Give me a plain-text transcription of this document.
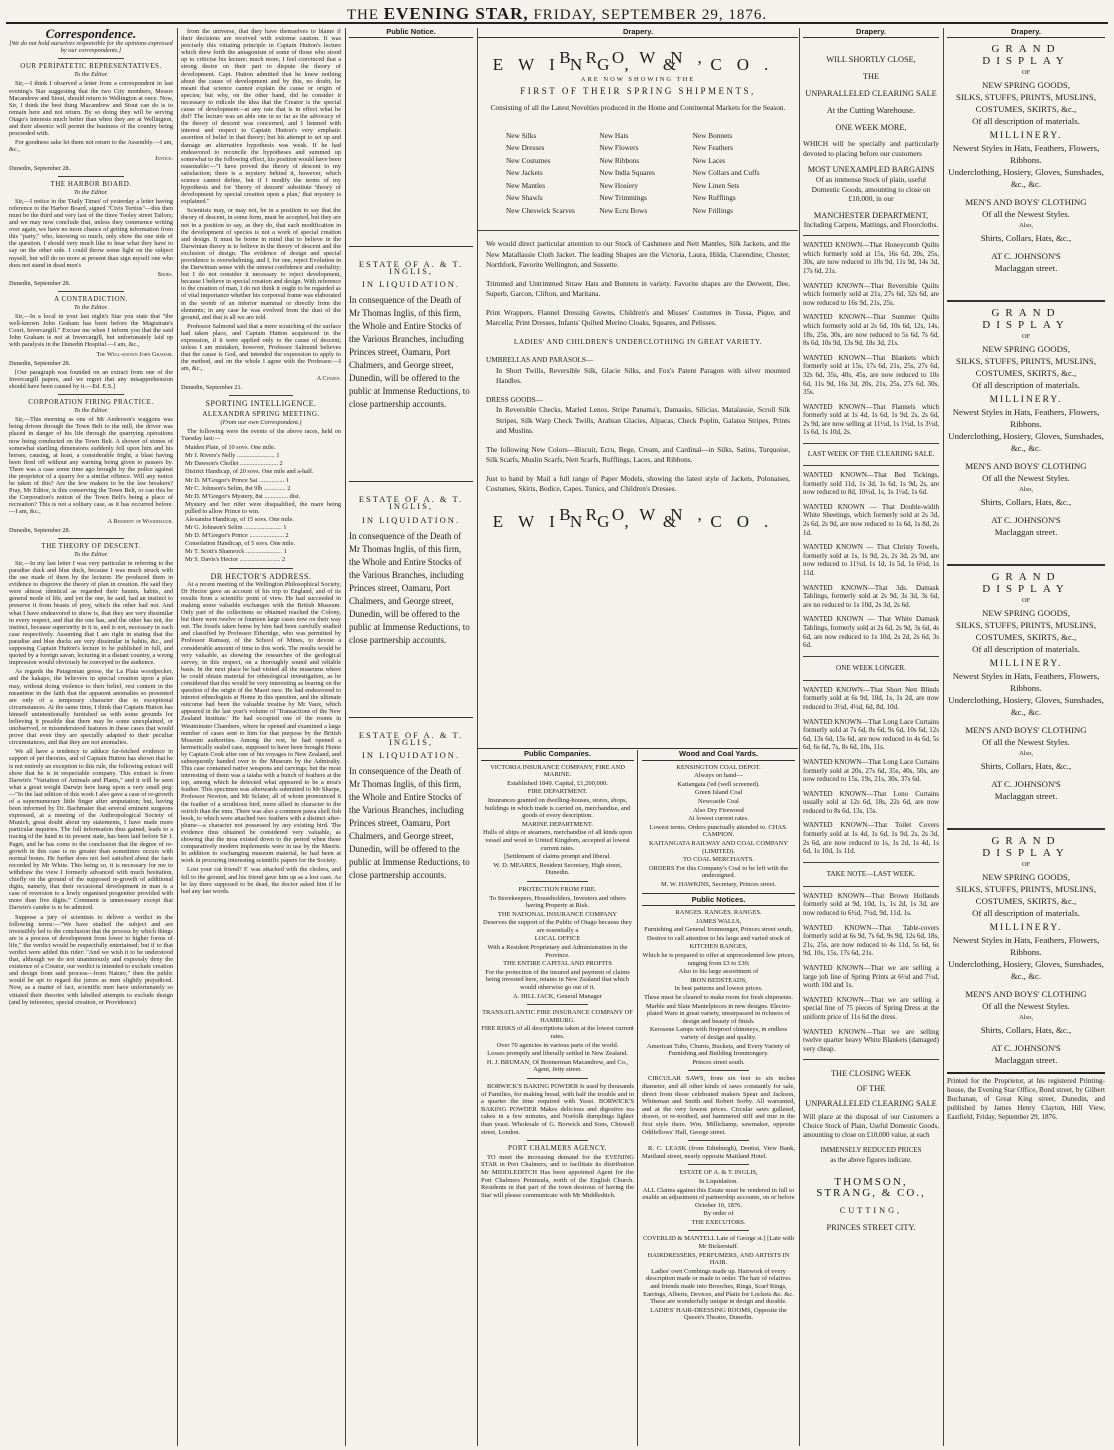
THE EVENING STAR, FRIDAY, SEPTEMBER 29, 1876.
Correspondence.
[We do not hold ourselves responsible for the opinions expressed by our correspondents.]
OUR PERIPATETIC REPRESENTATIVES.
To the Editor.

Sir,—I think I observed a letter from a correspondent in last evening's Star suggesting that the two City members, Messrs Macandrew and Stout, should return to Wellington at once. Now, Sir, I think the best thing Macandrew and Stout can do is to remain here and not return. By so doing they will be serving Otago's interests much better than when they are at Wellington, and their absence will permit the business of the country being proceeded with.

For goodness sake let them not return to the Assembly.—I am, &c.,

Justice.
Dunedin, September 28.
THE HARBOR BOARD.
To the Editor.

Sir,—I notice in the 'Daily Times' of yesterday a letter having reference to the Harbor Board, signed "Civis Tertius"—this then must be the third and very last of the three Tooley street Tailors; and we may now conclude that, unless they commence writing over again, we have no more chance of getting information from this "party," who, knowing so much, only show the one side of the question. I should very much like to hear what they have to say on the other side. I could throw some light on the subject myself, but will do no more at present than sign myself one who does not stand in dead men's

Shoes.
Dunedin, September 28.
A CONTRADICTION.
To the Editor.

Sir,—In a local in your last night's Star you state that "the well-known John Graham has been before the Magistrate's Court, Invercargill." Excuse me when I inform you that the said John Graham is not at Invercargill, but unfortunately laid up with paralysis in the Dunedin Hospital.—I am, &c.,

The Well-known John Graham.
Dunedin, September 28.

[Our paragraph was founded on an extract from one of the Invercargill papers, and we regret that any misapprehension should have been caused by it.—Ed. E.S.]

CORPORATION FIRING PRACTICE.
To the Editor.

Sir,—This morning as one of Mr Anderson's waggons was being driven through the Town Belt to the mill, the driver was placed in danger of his life through the quarrying operations now being conducted on the Town Belt. A shower of stones of somewhat startling dimensions suddenly fell upon him and his horses, causing, at least, a considerable fright, a blast having been fired off without any warning being given to passers by. There was a case some time ago brought by the police against the proprietor of a quarry for a similar offence. Will any notice be taken of this? Are the few makers to be the law breakers? Pray, Mr Editor, is this conserving the Town Belt, or can this be the Corporation's notion of the Town Belt's being a place of recreation? This is not a solitary case, as it has occurred before.—I am, &c.,

A Resident of Woodhaugh.
Dunedin, September 28.
THE THEORY OF DESCENT.
To the Editor.

Sir,—In my last letter I was very particular in referring to the paradise duck and blue duck, because I was much struck with the use made of them by the lecturer. He produced them in evidence to disprove the theory of plan in creation. He said they were almost identical as regarded their haunts, habits, and general mode of life, and yet the one, he said, had an instinct to preserve it from beasts of prey, which the other had not. And what I have endeavored to show is, that they are very dissimilar in every respect, and that the one has, and the other has not, the instinct, because superiority in it is, and is not, necessary in each case respectively. Assuming that I am right in stating that the paradise and blue ducks are very dissimilar in habits, &c., and supposing Captain Hutton's lecture to be published in full, and quoted by a foreign savan, lecturing in a distant country, a wrong impression would obviously be conveyed to the audience.

As regards the Patagonian goose, the La Plata woodpecker, and the kakapo, the believers in special creation upon a plan may, without doing violence to their belief, rest content in the meantime in the faith that the apparent anomalies so presented are only of a temporary character due to exceptional circumstances. At the same time, I think that Captain Hutton has himself unintentionally furnished us with some grounds for believing it possible that there may be some unexplained, or unobserved, or misunderstood features in these cases that would prove that even they are specially adapted to their peculiar circumstances, and that they are not anomalies.

We all have a tendency to adduce far-fetched evidence in support of pet theories, and of Captain Hutton has shown that he is not entirely an exception to this rule, the following extract will show that he is in respectable company. This extract is from Darwin's "Variation of Animals and Plants," and it will be seen what a great weight Darwin here hung upon a very small peg:—"In the last edition of this work I also gave a case of re-growth of a supernumerary little finger after amputation; but, having been informed by Dr. Bachmaier that several eminent surgeons expressed, at a meeting of the Anthropological Society of Munich, great doubt about my statements, I have made more particular inquiries. The full information thus gained, leads to a tracing of the hand in its present state, has been laid before Sir J. Paget, and he has come to the conclusion that the degree of re-growth in this case is no greater than sometimes occurs with normal bones. He further does not feel satisfied about the facts recorded by Mr White. This being so, it is necessary for me to withdraw the view I formerly advanced with much hesitation, chiefly on the ground of the supposed re-growth of additional digits, namely, that their occasional development in man is a case of reversion to a lowly organised progenitor provided with more than five digits." Comment is unnecessary except that Darwin's candor is to be admired.

Suppose a jury of scientists to deliver a verdict in the following terms:—"We have studied the subject and are irresistibly led to the conclusion that the process by which things are is a process of development from lower to higher forms of life," the verdict would be respectfully entertained; but if to that verdict were added this rider: "And we wish it to be understood that, although we do not unanimously and expressly deny the existence of a Creator, our verdict is intended to exclude creation and design from said process—from Nature," then the public would be apt to regard the jurors as men slightly prejudiced. Now, as a matter of fact, scientific men have unfortunately so vitiated their theories with labelled attempts to exclude design (and by inference, special creation, or Providence)

from the universe, that they have themselves to blame if their decisions are received with extreme caution. It was precisely this vitiating principle in Captain Hutton's lecture which drew forth the antagonism of some of those who stood up to criticise his lecture; much more, I feel convinced that a strong desire on their part to dispute the theory of development. Capt. Hutton admitted that he knew nothing about the cause of development and by this, no doubt, he meant that science cannot explain the cause or origin of species; but why, on the other hand, did he consider it necessary to ridicule the idea that the Creator is the special cause of development—at any rate that is in effect what he did? The lecture was an able one in so far as the advocacy of the theory of descent was concerned, and I listened with interest and respect to Captain Hutton's very emphatic assertion of belief in that theory; but his attempt to set up and damage an alternative hypothesis was weak. If he had endeavored to reconcile the hypotheses and summed up somewhat to the following effect, his position would have been reasonable:—"I have proved the theory of descent to my satisfaction; there is a mystery behind it, however, which science cannot define, but if I modify the terms of my hypothesis and for 'theory of descent' substitute 'theory of development by special creation upon a plan,' that mystery is explained."

Scientists may, or may not, be in a position to say that the theory of descent, in some form, must be accepted, but they are not in a position to say, as they do, that each modification in the development of species is not a work of special creation and design. It must be borne in mind that to believe in the Darwinian theory is to believe in the theory of descent and the exclusion of design. The evidence of design and special providence is overwhelming, and I, for one, reject Evolution in the Darwinian sense with the utmost confidence and cordiality; but I do not consider it necessary to reject development, because I believe in special creation and design. With reference to the creation of man, I do not think it ought to be regarded as of vital importance whether his corporeal frame was elaborated in the womb of an inferior mammal or directly from the elements; in any case he was evolved from the dust of the ground, and that is all we are told.

Professor Salmond said that a mere scratching of the surface had taken place, and Captain Hutton acquiesced in the expression, if it were applied only to the cause of descent; unless I am mistaken, however, Professor Salmond believes that the cause is God, and intended the expression to apply to the method, and on the whole I agree with the Professor.—I am, &c.,

A Citizen.
Dunedin, September 21.
SPORTING INTELLIGENCE.
ALEXANDRA SPRING MEETING.
(From our own Correspondent.)

The following were the events of the above races, held on Tuesday last:—

Maiden Plate, of 10 sovs. One mile.
Mr J. Rivers's Nelly ........................ 1
Mr Dawson's Chollet ........................ 2
District Handicap, of 20 sovs. One mile and a-half.
Mr D. M'Gregor's Prince Sai ................ 1
Mr C. Johnson's Selim, 8st 9lb .............. 2
Mr D. M'Gregor's Mystery, 8st ............... dist.
Mystery and her rider were disqualified, the mare being pulled to allow Prince to win.
Alexandra Handicap, of 15 sovs. One mile.
Mr G. Johnson's Selim ........................ 1
Mr D. M'Gregor's Prince ...................... 2
Consolation Handicap, of 5 sovs. One mile.
Mr T. Scott's Shamrock ....................... 1
Mr S. Davis's Hector .......................... 2
DR HECTOR'S ADDRESS.

At a recent meeting of the Wellington Philosophical Society, Dr Hector gave an account of his trip to England, and of its results from a scientific point of view. He had succeeded in making some valuable exchanges with the British Museum. Only part of the collections so obtained reached the Colony, but there were twelve or fourteen large cases now on their way out. The fossils taken home by him had been carefully studied and classified by Professor Etheridge, who was permitted by Professor Ramsay, of the School of Mines, to devote a considerable amount of time to this work. The results would be very valuable, as showing the researches of the geological survey, in this respect, on a thoroughly sound and reliable basis. In the next place he had visited all the museums where he could obtain material for ethnological investigation, as he considered that this would be very interesting as bearing on the question of the origin of the Maori race. He had endeavored to interest ethnologists at Home in this question, and the ultimate outcome had been the valuable treatise by Mr Vaux, which appeared in the last year's volume of 'Transactions of the New Zealand Institute.' He had occupied one of the rooms in Westminster Chambers, where he opened and examined a large number of cases sent to him for that purpose by the British Museum authorities. Among the rest, he had opened a hermetically sealed case, supposed to have been brought Home by Captain Cook after one of his voyages to New Zealand, and subsequently handed over to the Museum by the Admiralty. This case contained native weapons and carvings; but the most interesting of them was a taiaha with a bunch of feathers at the top, among which he detected what appeared to be a moa's feather. This specimen was afterwards submitted to Mr Sharpe, Professor Newton, and Mr Sclater, all of whom pronounced it the feather of a struthious bird, more allied in character to the ostrich than the emu. There was also a common pawa shell fish hook, to which were attached two feathers with a distinct after-plume—a character not possessed by any existing bird. The evidence thus obtained he considered very valuable, as showing that the moa existed down to the period when these comparatively modern implements were in use by the Maoris. In addition to exchanging museum material, he had been at work in procuring interesting scientific papers for the Society.

Lost your cat friend? F. was attacked with the cholera, and fell to the ground, and his friend gave him up as a lost case. As he lay there supposed to be dead, the doctor asked him if he had any last words.

Public Notice.
ESTATE OF A. & T. INGLIS,
IN LIQUIDATION.
In consequence of the Death of Mr Thomas Inglis, of this firm, the Whole and Entire Stocks of the Various Branches, including Princes street, Oamaru, Port Chalmers, and George street, Dunedin, will be offered to the public at Immense Reductions, to close partnership accounts.
ESTATE OF A. & T. INGLIS,
IN LIQUIDATION.
In consequence of the Death of Mr Thomas Inglis, of this firm, the Whole and Entire Stocks of the Various Branches, including Princes street, Oamaru, Port Chalmers, and George street, Dunedin, will be offered to the public at Immense Reductions, to close partnership accounts.
ESTATE OF A. & T. INGLIS,
IN LIQUIDATION.
In consequence of the Death of Mr Thomas Inglis, of this firm, the Whole and Entire Stocks of the Various Branches, including Princes street, Oamaru, Port Chalmers, and George street, Dunedin, will be offered to the public at Immense Reductions, to close partnership accounts.
Drapery.
BROWN, EWING, & CO.
ARE NOW SHOWING THE
FIRST OF THEIR SPRING SHIPMENTS,
Consisting of all the Latest Novelties produced in the Home and Continental Markets for the Season.
New Silks	New Hats	New Bonnets
New Dresses	New Flowers	New Feathers
New Costumes	New Ribbons	New Laces
New Jackets	New India Squares	New Collars and Cuffs
New Mantles	New Hosiery	New Linen Sets
New Shawls	New Trimmings	New Rufflings
New Cheswick Scarves	New Ecru Bows	New Frillings
We would direct particular attention to our Stock of Cashmere and Nett Mantles, Silk Jackets, and the New Matallassie Cloth Jacket. The leading Shapes are the Victoria, Laura, Hilda, Clarendine, Chester, Northfork, Favorite Wellington, and Sussette.
Trimmed and Untrimmed Straw Hats and Bonnets in variety. Favorite shapes are the Derwent, Dee, Superb, Garcon, Clifton, and Maritana.
Print Wrappers, Flannel Dressing Gowns, Children's and Misses' Costumes in Tussa, Pique, and Marcella; Print Dresses, Infants' Quilted Merino Cloaks, Squares, and Pelisses.
LADIES' AND CHILDREN'S UNDERCLOTHING IN GREAT VARIETY.
UMBRELLAS AND PARASOLS—
In Short Twills, Reversible Silk, Glacie Silks, and Fox's Patent Paragon with silver mounted Handles.
DRESS GOODS—
In Reversible Checks, Marled Lenos, Stripe Panama's, Damasks, Silicias, Matalassie, Scroll Silk Stripes, Silk Warp Check Twills, Arabian Glacies, Alpacas, Check Poplin, Galatea Stripes, Prints and Muslins.
The following New Colors—Biscuit, Ecru, Bege, Cream, and Cardinal—in Silks, Satins, Turquoise, Silk Scarfs, Muslin Scarfs, Nett Scarfs, Rufflings, Laces, and Ribbons.
Just to hand by Mail a full range of Paper Models, showing the latest style of Jackets, Polonaises, Costumes, Skirts, Bodice, Capes, Tunics, and Children's Dresses.
BROWN, EWING, & CO.
Public Companies.
VICTORIA INSURANCE COMPANY, FIRE AND MARINE.
Established 1849. Capital, £1,200,000.
FIRE DEPARTMENT.
Insurances granted on dwelling-houses, stores, shops, buildings in which trade is carried on, merchandise, and goods of every description.
MARINE DEPARTMENT.
Hulls of ships or steamers, merchandise of all kinds upon vessel and wool to United Kingdom, accepted at lowest current rates.
[Settlement of claims prompt and liberal.
W. D. MEARES, Resident Secretary, High street, Dunedin.
PROTECTION FROM FIRE.
To Storekeepers, Householders, Investors and others having Property at Risk.
THE NATIONAL INSURANCE COMPANY
Deserves the support of the Public of Otago because they are essentially a
LOCAL OFFICE
With a Resident Proprietary and Administration in the Province.
THE ENTIRE CAPITAL AND PROFITS
For the protection of the insured and payment of claims being invested here, retains in New Zealand that which would otherwise go out of it.
A. HILL JACK, General Manager
TRANSATLANTIC FIRE INSURANCE COMPANY OF HAMBURG.
FIRE RISKS of all descriptions taken at the lowest current rates.
Over 70 agencies in various parts of the world.
Losses promptly and liberally settled in New Zealand.
H. J. BRUMAN, Of Bonnerman Macandrew, and Co., Agent, Jetty street.

BORWICK'S BAKING POWDER Is used by thousands of Families, for making bread, with half the trouble and in a quarter the time required with Yeast. BORWICK'S BAKING POWDER Makes delicious and digestive tea cakes in a few minutes, and Norfolk dumplings lighter than yeast. Wholesale of G. Borwick and Sons, Chiswell street, London.

PORT CHALMERS AGENCY.

TO meet the increasing demand for the EVENING STAR in Port Chalmers, and to facilitate its distribution Mr MIDDLEDITCH Has been appointed Agent for the Port Chalmers Peninsula, north of the English Church. Residents in that part of the town desirous of having the Star will please communicate with Mr Middleditch.

Wood and Coal Yards.
KENSINGTON COAL DEPOT.
Always on hand—
Kaitangata ('ed (well screened).
Green Island Coal
Newcastle Coal
Also Dry Firewood
At lowest current rates.
Lowest terms. Orders punctually attended to. CHAS. CAMPION.
KAITANGATA RAILWAY AND COAL COMPANY (LIMITED).
TO COAL MERCHANTS.
ORDERS For this Company's Coal to be left with the undersigned.
M. W. HAWKINS, Secretary, Princes street.
Public Notices.
RANGES. RANGES. RANGES.
JAMES WALLS,
Furnishing and General Ironmonger, Princes street south,
Desires to call attention to his large and varied stock of
KITCHEN RANGES,
Which he is prepared to offer at unprecedented low prices, ranging from £3 to £30;
Also to his large assortment of
IRON BEDSTEADS,
In best patterns and lowest prices.
These must be cleared to make room for fresh shipments.
Marble and Slate Mantelpieces in new designs. Electro-plated Ware in great variety, unsurpassed in richness of design and beauty of finish.
Kerosene Lamps with fireproof chimneys, in endless variety of design and quality.
American Tubs, Churns, Buckets, and Every Variety of Furnishing and Building Ironmongery.
Princes street south.

CIRCULAR SAWS, from six feet to six inches diameter, and all other kinds of saws constantly for sale, direct from those celebrated makers Spear and Jackson, Whiteman and Smith and Robert Sorby. All warranted, and at the very lowest prices. Circular saws gulleted, drawn, or re-toothed, and hammered stiff and true in the first style there. Wm. Millichamp, sawmaker, opposite Oddfellows' Hall, George street.

R. C. LEASK (from Edinburgh), Dentist, View Bank, Maitland street, nearly opposite Maitland Hotel.

ESTATE OF A. & T. INGLIS,
In Liquidation.
ALL Claims against this Estate must be rendered in full to enable an adjustment of partnership accounts, on or before October 10, 1876.
By order of
THE EXECUTORS.
COVERLID & MANTELL Late of George st.] [Late with Mr Bickerstaff.
HAIRDRESSERS, PERFUMERS, AND ARTISTS IN HAIR.
Ladies' own Combings made up. Hairwork of every description made or made to order. The hair of relatives and friends made into Brooches, Rings, Scarf Rings, Earrings, Alberts, Devices, and Plaits for Lockets &c. &c. These are wonderfully unique in design and durable.
LADIES' HAIR-DRESSING ROOMS, Opposite the Queen's Theatre, Dunedin.
Drapery.
WILL SHORTLY CLOSE,
THE
UNPARALLELED CLEARING SALE
At the Cutting Warehouse.
ONE WEEK MORE,
WHICH will be specially and particularly devoted to placing before our customers
MOST UNEXAMPLED BARGAINS
Of an immense Stock of plain, useful Domestic Goods, amounting to close on £10,000, in our
MANCHESTER DEPARTMENT,
Including Carpets, Mattings, and Floorcloths.
WANTED KNOWN—That Honeycomb Quilts which formerly sold at 15s, 16s 6d, 20s, 25s, 30s, are now reduced to 10s 9d, 11s 9d, 14s 3d, 17s 6d, 21s.
WANTED KNOWN—That Reversible Quilts which formerly sold at 21s, 27s 6d, 32s 6d, are now reduced to 16s 9d, 21s, 25s.
WANTED KNOWN—That Summer Quilts which formerly sold at 2s 6d, 10s 6d, 12s, 14s, 18s, 25s, 30s, are now reduced to 5s 6d, 7s 6d, 8s 6d, 10s 9d, 13s 9d, 18s 3d, 21s.
WANTED KNOWN—That Blankets which formerly sold at 15s, 17s 6d, 21s, 25s, 27s 6d, 32s 6d, 35s, 40s, 45s, are now reduced to 10s 6d, 11s 9d, 16s 3d, 20s, 21s, 25s, 27s 6d, 30s, 35s.
WANTED KNOWN—That Flannels which formerly sold at 1s 4d, 1s 6d, 1s 9d, 2s, 2s 6d, 2s 9d, are now selling at 11½d, 1s 1½d, 1s 3½d, 1s 6d, 1s 10d, 2s.
LAST WEEK OF THE CLEARING SALE.
WANTED KNOWN—That Bed Tickings, formerly sold 11d, 1s 3d, 1s 6d, 1s 9d, 2s, are now reduced to 8d, 10½d, 1s, 1s 1½d, 1s 6d.
WANTED KNOWN — That Double-width White Sheetings, which formerly sold at 2s 3d, 2s 6d, 2s 9d, are now reduced to 1s 6d, 1s 8d, 2s 1d.
WANTED KNOWN — That Christy Towels, formerly sold at 1s, 1s 9d, 2s, 2s 3d, 2s 9d, are now reduced to 11½d, 1s 1d, 1s 5d, 1s 6½d, 1s 11d.
WANTED KNOWN—That 3ds. Damask Tablings, formerly sold at 2s 9d, 3s 3d, 3s 6d, are no reduced to 1s 10d, 2s 3d, 2s 6d.
WANTED KNOWN — That White Damask Tablings, formerly sold at 2s 6d, 2s 9d, 3s 6d, 4s 6d, are now reduced to 1s 10d, 2s 2d, 2s 6d, 3s 6d.
ONE WEEK LONGER.
WANTED KNOWN—That Short Nett Blinds formerly sold at 6s 9d, 10d, 1s, 1s 2d, are now reduced to 3½d, 4½d, 6d, 8d, 10d.
WANTED KNOWN—That Long Lace Curtains formerly sold at 7s 6d, 8s 6d, 9s 6d, 10s 6d, 12s 6d, 13s 6d, 15s 6d, are now reduced to 4s 6d, 5s 6d, 6s 6d, 7s, 8s 6d, 10s, 11s.
WANTED KNOWN—That Long Lace Curtains formerly sold at 20s, 27s 6d, 35s, 40s, 50s, are now reduced to 15s, 19s, 21s, 30s, 37s 6d.
WANTED KNOWN—That Lono Curtains usually sold at 12s 6d, 18s, 22s 6d, are now reduced to 8s 6d, 13s, 15s.
WANTED KNOWN—That Toilet Covers formerly sold at 1s 4d, 1s 6d, 1s 9d, 2s, 2s 3d, 2s 6d, are now reduced to 1s, 1s 2d, 1s 4d, 1s 6d, 1s 10d, 1s 11d.
TAKE NOTE—LAST WEEK.
WANTED KNOWN—That Brown Hollands formerly sold at 9d, 10d, 1s, 1s 2d, 1s 3d, are now reduced to 6½d, 7½d, 9d, 11d, 1s.
WANTED KNOWN—That Table-covers formerly sold at 6s 9d, 7s 6d, 9s 9d, 12s 6d, 18s, 21s, 25s, are now reduced to 4s 11d, 5s 6d, 6s 9d, 10s, 15s, 17s 6d, 21s.
WANTED KNOWN—That we are selling a large job line of Spring Prints at 6½d and 7½d, worth 10d and 1s.
WANTED KNOWN—That we are selling a special line of 75 pieces of Spring Dress at the uniform price of 11s 6d the dress.
WANTED KNOWN—That we are selling twelve quarter heavy White Blankets (damaged) very cheap.
THE CLOSING WEEK
OF THE
UNPARALLELED CLEARING SALE
Will place at the disposal of our Customers a Choice Stock of Plain, Useful Domestic Goods, amounting to close on £10,000 value, at each
IMMENSELY REDUCED PRICES
as the above figures indicate.
THOMSON, STRANG, & CO.,
CUTTING,
PRINCES STREET CITY.
Drapery.
GRAND DISPLAY
OF
NEW SPRING GOODS,
SILKS, STUFFS, PRINTS, MUSLINS, COSTUMES, SKIRTS, &c.,
Of all description of materials.
MILLINERY.
Newest Styles in Hats, Feathers, Flowers, Ribbons.
Underclothing, Hosiery, Gloves, Sunshades, &c., &c.
MEN'S AND BOYS' CLOTHING
Of all the Newest Styles.
Also,
Shirts, Collars, Hats, &c.,
AT C. JOHNSON'S
Maclaggan street.
GRAND DISPLAY
OF
NEW SPRING GOODS,
SILKS, STUFFS, PRINTS, MUSLINS, COSTUMES, SKIRTS, &c.,
Of all description of materials.
MILLINERY.
Newest Styles in Hats, Feathers, Flowers, Ribbons.
Underclothing, Hosiery, Gloves, Sunshades, &c., &c.
MEN'S AND BOYS' CLOTHING
Of all the Newest Styles.
Also,
Shirts, Collars, Hats, &c.,
AT C. JOHNSON'S
Maclaggan street.
GRAND DISPLAY
OF
NEW SPRING GOODS,
SILKS, STUFFS, PRINTS, MUSLINS, COSTUMES, SKIRTS, &c.,
Of all description of materials.
MILLINERY.
Newest Styles in Hats, Feathers, Flowers, Ribbons.
Underclothing, Hosiery, Gloves, Sunshades, &c., &c.
MEN'S AND BOYS' CLOTHING
Of all the Newest Styles.
Also,
Shirts, Collars, Hats, &c.,
AT C. JOHNSON'S
Maclaggan street.
GRAND DISPLAY
OF
NEW SPRING GOODS,
SILKS, STUFFS, PRINTS, MUSLINS, COSTUMES, SKIRTS, &c.,
Of all description of materials.
MILLINERY.
Newest Styles in Hats, Feathers, Flowers, Ribbons.
Underclothing, Hosiery, Gloves, Sunshades, &c., &c.
MEN'S AND BOYS' CLOTHING
Of all the Newest Styles.
Also,
Shirts, Collars, Hats, &c.,
AT C. JOHNSON'S
Maclaggan street.
Printed for the Proprietor, at his registered Printing-house, the Evening Star Office, Bond street, by Gilbert Buchanan, of Great King street, Dunedin, and published by James Henry Clayton, Hill View, Eastfield, Friday, September 29, 1876.
